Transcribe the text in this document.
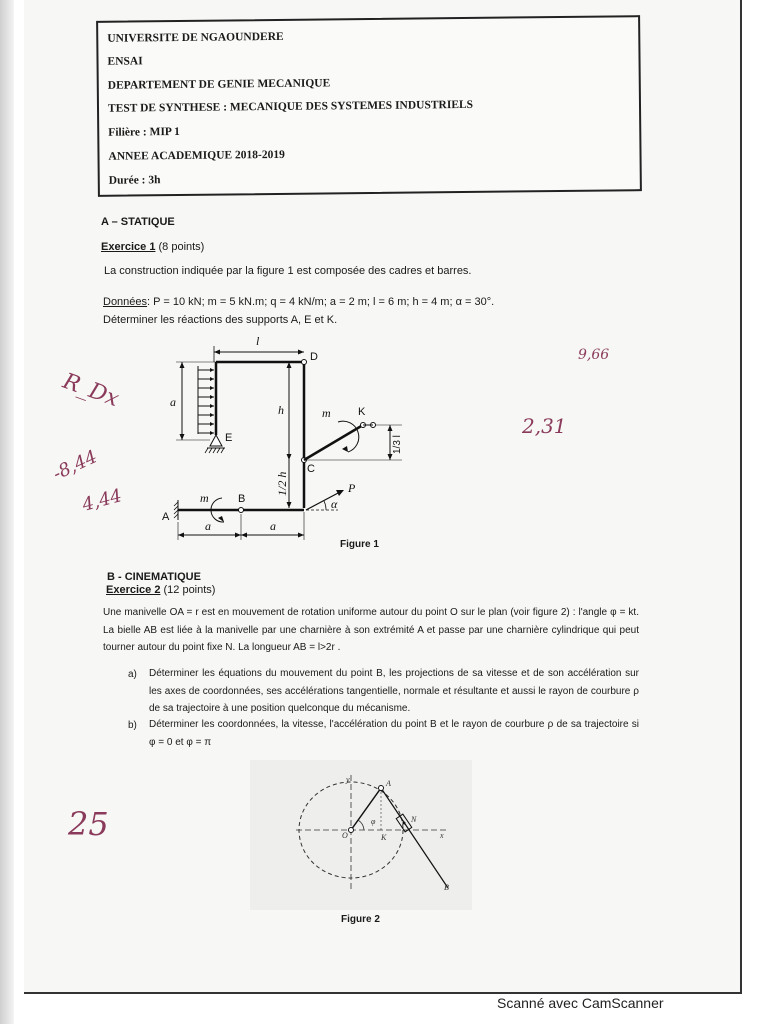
UNIVERSITE DE NGAOUNDERE
ENSAI
DEPARTEMENT DE GENIE MECANIQUE
TEST DE SYNTHESE : MECANIQUE DES SYSTEMES INDUSTRIELS
Filière : MIP 1
ANNEE ACADEMIQUE 2018-2019
Durée : 3h
A – STATIQUE
Exercice 1 (8 points)
La construction indiquée par la figure 1 est composée des cadres et barres.
Données: P = 10 kN; m = 5 kN.m; q = 4 kN/m; a = 2 m; l = 6 m; h = 4 m; α = 30°.
Déterminer les réactions des supports A, E et K.
l
D
a
E
h
1/2 h
C
K
m
1/3 l
A
B
m
P
α
a	a
Figure 1
B - CINEMATIQUE
Exercice 2 (12 points)
Une manivelle OA = r est en mouvement de rotation uniforme autour du point O sur le plan (voir figure 2) : l'angle φ = kt. La bielle AB est liée à la manivelle par une charnière à son extrémité A et passe par une charnière cylindrique qui peut tourner autour du point fixe N. La longueur AB = l>2r .
a) Déterminer les équations du mouvement du point B, les projections de sa vitesse et de son accélération sur les axes de coordonnées, ses accélérations tangentielle, normale et résultante et aussi le rayon de courbure ρ de sa trajectoire à une position quelconque du mécanisme.
b) Déterminer les coordonnées, la vitesse, l'accélération du point B et le rayon de courbure ρ de sa trajectoire si φ = 0 et φ = π
y
x
A
φ	N
O	K
B
Figure 2
R_Dx
-8,44
4,44
9,66
2,31
25
Scanné avec CamScanner
